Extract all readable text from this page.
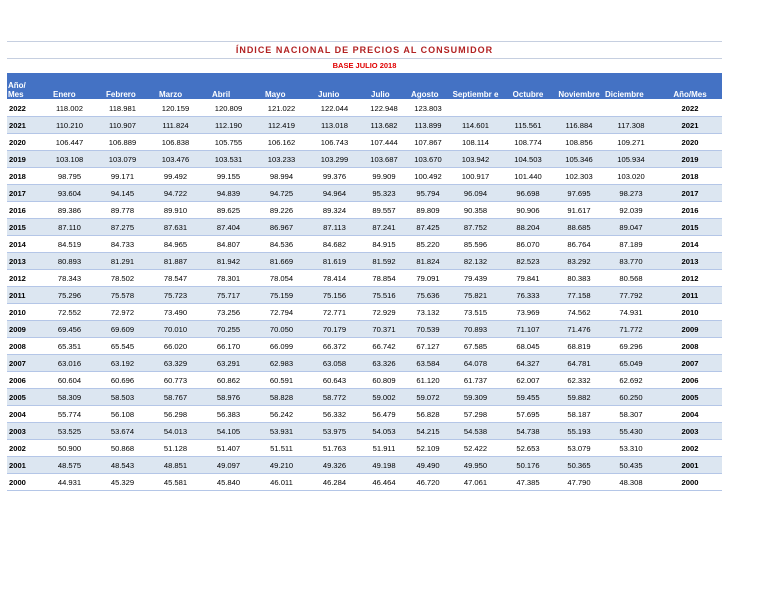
ÍNDICE NACIONAL DE PRECIOS AL CONSUMIDOR
BASE JULIO 2018
Año/ Mes	Enero	Febrero	Marzo	Abril	Mayo	Junio	Julio	Agosto	Septiembr e	Octubre	Noviembre	Diciembre	Año/Mes
2022	118.002	118.981	120.159	120.809	121.022	122.044	122.948	123.803					2022
2021	110.210	110.907	111.824	112.190	112.419	113.018	113.682	113.899	114.601	115.561	116.884	117.308	2021
2020	106.447	106.889	106.838	105.755	106.162	106.743	107.444	107.867	108.114	108.774	108.856	109.271	2020
2019	103.108	103.079	103.476	103.531	103.233	103.299	103.687	103.670	103.942	104.503	105.346	105.934	2019
2018	98.795	99.171	99.492	99.155	98.994	99.376	99.909	100.492	100.917	101.440	102.303	103.020	2018
2017	93.604	94.145	94.722	94.839	94.725	94.964	95.323	95.794	96.094	96.698	97.695	98.273	2017
2016	89.386	89.778	89.910	89.625	89.226	89.324	89.557	89.809	90.358	90.906	91.617	92.039	2016
2015	87.110	87.275	87.631	87.404	86.967	87.113	87.241	87.425	87.752	88.204	88.685	89.047	2015
2014	84.519	84.733	84.965	84.807	84.536	84.682	84.915	85.220	85.596	86.070	86.764	87.189	2014
2013	80.893	81.291	81.887	81.942	81.669	81.619	81.592	81.824	82.132	82.523	83.292	83.770	2013
2012	78.343	78.502	78.547	78.301	78.054	78.414	78.854	79.091	79.439	79.841	80.383	80.568	2012
2011	75.296	75.578	75.723	75.717	75.159	75.156	75.516	75.636	75.821	76.333	77.158	77.792	2011
2010	72.552	72.972	73.490	73.256	72.794	72.771	72.929	73.132	73.515	73.969	74.562	74.931	2010
2009	69.456	69.609	70.010	70.255	70.050	70.179	70.371	70.539	70.893	71.107	71.476	71.772	2009
2008	65.351	65.545	66.020	66.170	66.099	66.372	66.742	67.127	67.585	68.045	68.819	69.296	2008
2007	63.016	63.192	63.329	63.291	62.983	63.058	63.326	63.584	64.078	64.327	64.781	65.049	2007
2006	60.604	60.696	60.773	60.862	60.591	60.643	60.809	61.120	61.737	62.007	62.332	62.692	2006
2005	58.309	58.503	58.767	58.976	58.828	58.772	59.002	59.072	59.309	59.455	59.882	60.250	2005
2004	55.774	56.108	56.298	56.383	56.242	56.332	56.479	56.828	57.298	57.695	58.187	58.307	2004
2003	53.525	53.674	54.013	54.105	53.931	53.975	54.053	54.215	54.538	54.738	55.193	55.430	2003
2002	50.900	50.868	51.128	51.407	51.511	51.763	51.911	52.109	52.422	52.653	53.079	53.310	2002
2001	48.575	48.543	48.851	49.097	49.210	49.326	49.198	49.490	49.950	50.176	50.365	50.435	2001
2000	44.931	45.329	45.581	45.840	46.011	46.284	46.464	46.720	47.061	47.385	47.790	48.308	2000
